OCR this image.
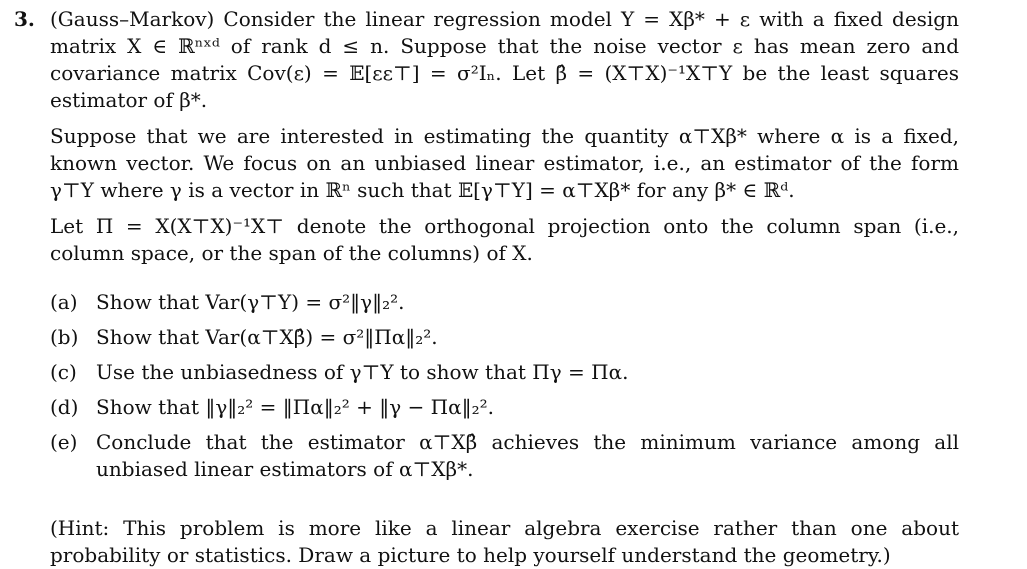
3. (Gauss–Markov) Consider the linear regression model Y = Xβ* + ε with a fixed design matrix X ∈ ℝⁿˣᵈ of rank d ≤ n. Suppose that the noise vector ε has mean zero and covariance matrix Cov(ε) = 𝔼[εε⊤] = σ²Iₙ. Let β̂ = (X⊤X)⁻¹X⊤Y be the least squares estimator of β*.
Suppose that we are interested in estimating the quantity α⊤Xβ* where α is a fixed, known vector. We focus on an unbiased linear estimator, i.e., an estimator of the form γ⊤Y where γ is a vector in ℝⁿ such that 𝔼[γ⊤Y] = α⊤Xβ* for any β* ∈ ℝᵈ.
Let Π = X(X⊤X)⁻¹X⊤ denote the orthogonal projection onto the column span (i.e., column space, or the span of the columns) of X.
(a) Show that Var(γ⊤Y) = σ²‖γ‖₂².
(b) Show that Var(α⊤Xβ̂) = σ²‖Πα‖₂².
(c) Use the unbiasedness of γ⊤Y to show that Πγ = Πα.
(d) Show that ‖γ‖₂² = ‖Πα‖₂² + ‖γ − Πα‖₂².
(e) Conclude that the estimator α⊤Xβ̂ achieves the minimum variance among all unbiased linear estimators of α⊤Xβ*.
(Hint: This problem is more like a linear algebra exercise rather than one about probability or statistics. Draw a picture to help yourself understand the geometry.)
